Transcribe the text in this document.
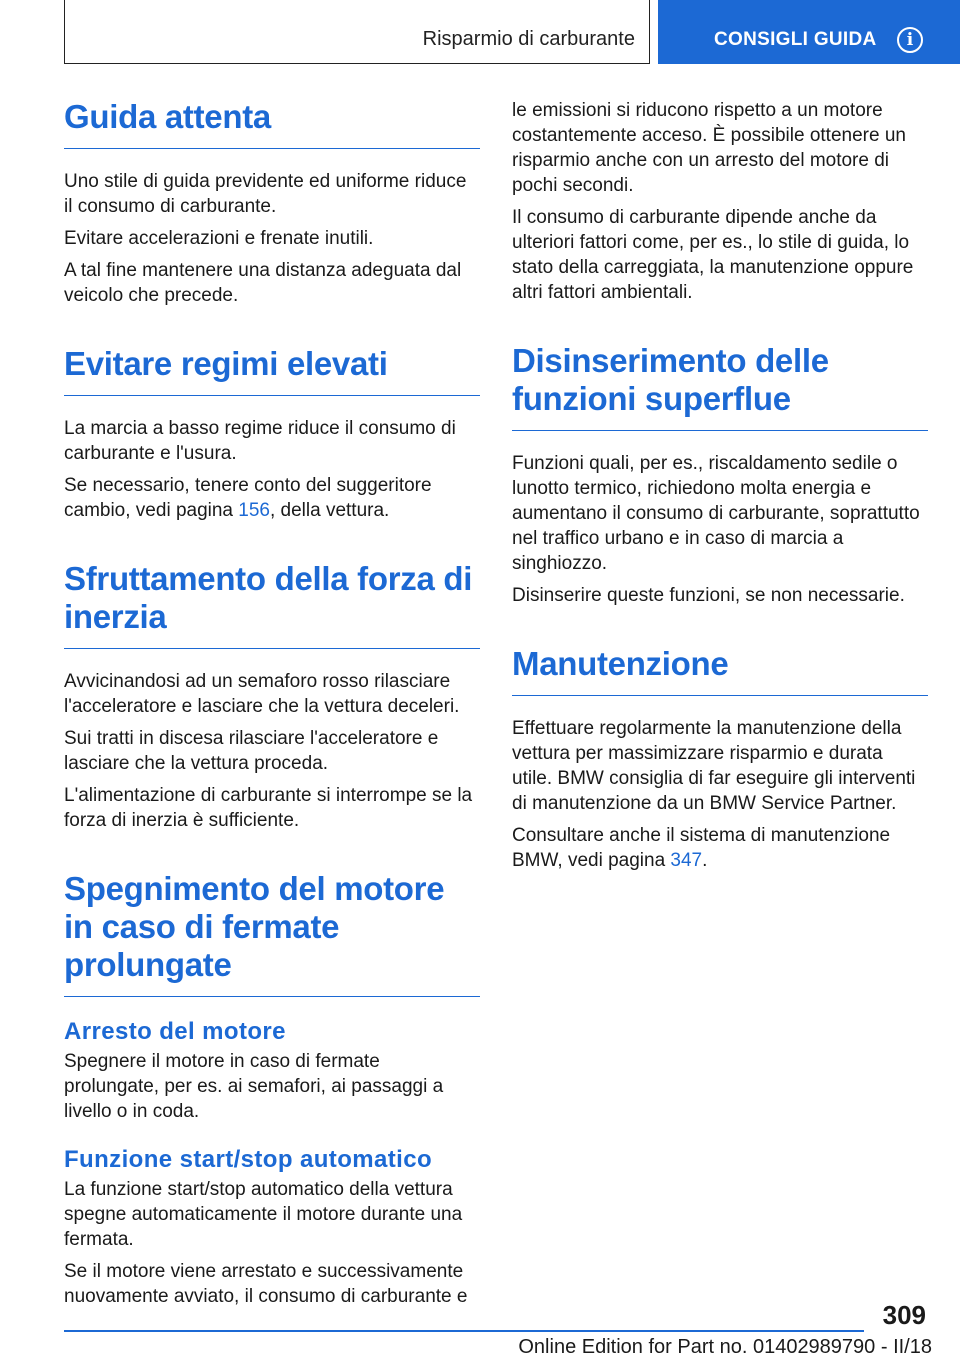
Risparmio di carburante	CONSIGLI GUIDA	i
Guida attenta

Uno stile di guida previdente ed uniforme riduce il consumo di carburante.

Evitare accelerazioni e frenate inutili.

A tal fine mantenere una distanza adeguata dal veicolo che precede.

Evitare regimi elevati

La marcia a basso regime riduce il consumo di carburante e l'usura.

Se necessario, tenere conto del suggeritore cambio, vedi pagina 156, della vettura.

Sfruttamento della forza di inerzia

Avvicinandosi ad un semaforo rosso rilasciare l'acceleratore e lasciare che la vettura deceleri.

Sui tratti in discesa rilasciare l'acceleratore e lasciare che la vettura proceda.

L'alimentazione di carburante si interrompe se la forza di inerzia è sufficiente.

Spegnimento del motore in caso di fermate prolungate
Arresto del motore

Spegnere il motore in caso di fermate prolungate, per es. ai semafori, ai passaggi a livello o in coda.

Funzione start/stop automatico

La funzione start/stop automatico della vettura spegne automaticamente il motore durante una fermata.

Se il motore viene arrestato e successivamente nuovamente avviato, il consumo di carburante e

le emissioni si riducono rispetto a un motore costantemente acceso. È possibile ottenere un risparmio anche con un arresto del motore di pochi secondi.

Il consumo di carburante dipende anche da ulteriori fattori come, per es., lo stile di guida, lo stato della carreggiata, la manutenzione oppure altri fattori ambientali.

Disinserimento delle funzioni superflue

Funzioni quali, per es., riscaldamento sedile o lunotto termico, richiedono molta energia e aumentano il consumo di carburante, soprattutto nel traffico urbano e in caso di marcia a singhiozzo.

Disinserire queste funzioni, se non necessarie.

Manutenzione

Effettuare regolarmente la manutenzione della vettura per massimizzare risparmio e durata utile. BMW consiglia di far eseguire gli interventi di manutenzione da un BMW Service Partner.

Consultare anche il sistema di manutenzione BMW, vedi pagina 347.

309
Online Edition for Part no. 01402989790 - II/18
